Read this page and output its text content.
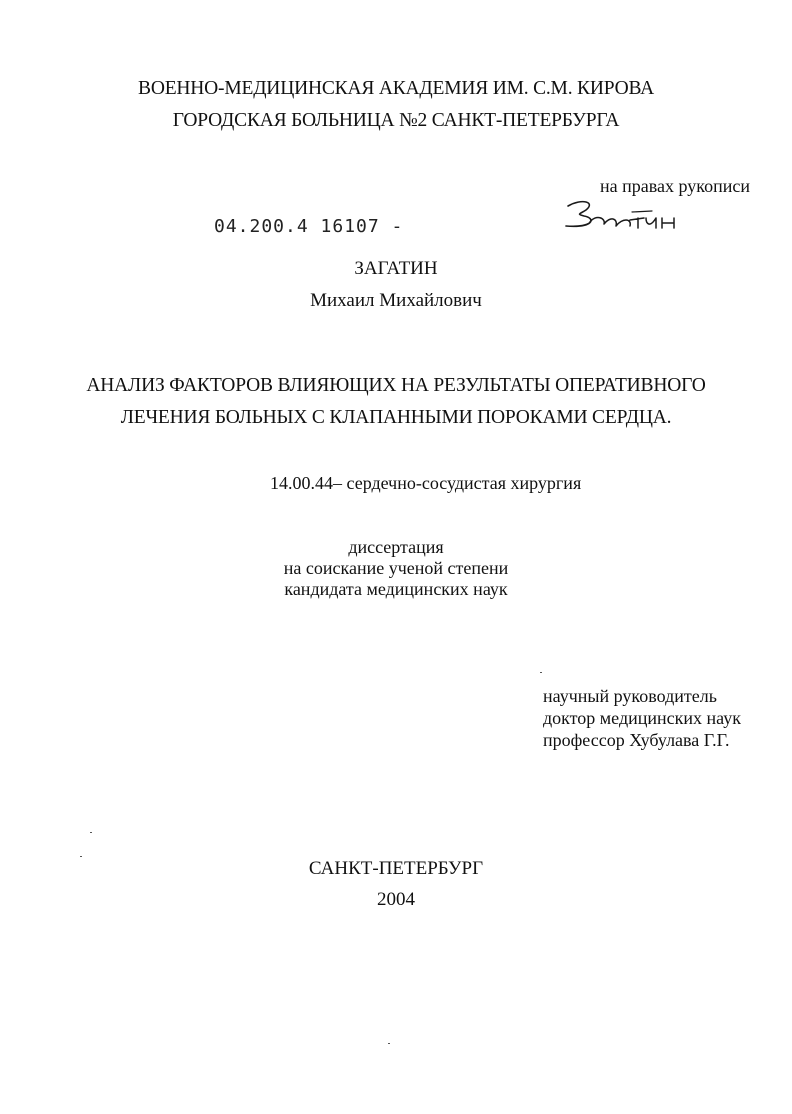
ВОЕННО-МЕДИЦИНСКАЯ АКАДЕМИЯ ИМ. С.М. КИРОВА
ГОРОДСКАЯ БОЛЬНИЦА №2 САНКТ-ПЕТЕРБУРГА
на правах рукописи
04.200.4 16107 -
ЗАГАТИН
Михаил Михайлович
АНАЛИЗ ФАКТОРОВ ВЛИЯЮЩИХ НА РЕЗУЛЬТАТЫ ОПЕРАТИВНОГО
ЛЕЧЕНИЯ БОЛЬНЫХ С КЛАПАННЫМИ ПОРОКАМИ СЕРДЦА.
14.00.44– сердечно-сосудистая хирургия
диссертация
на соискание ученой степени
кандидата медицинских наук
научный руководитель
доктор медицинских наук
профессор Хубулава Г.Г.
САНКТ-ПЕТЕРБУРГ
2004
